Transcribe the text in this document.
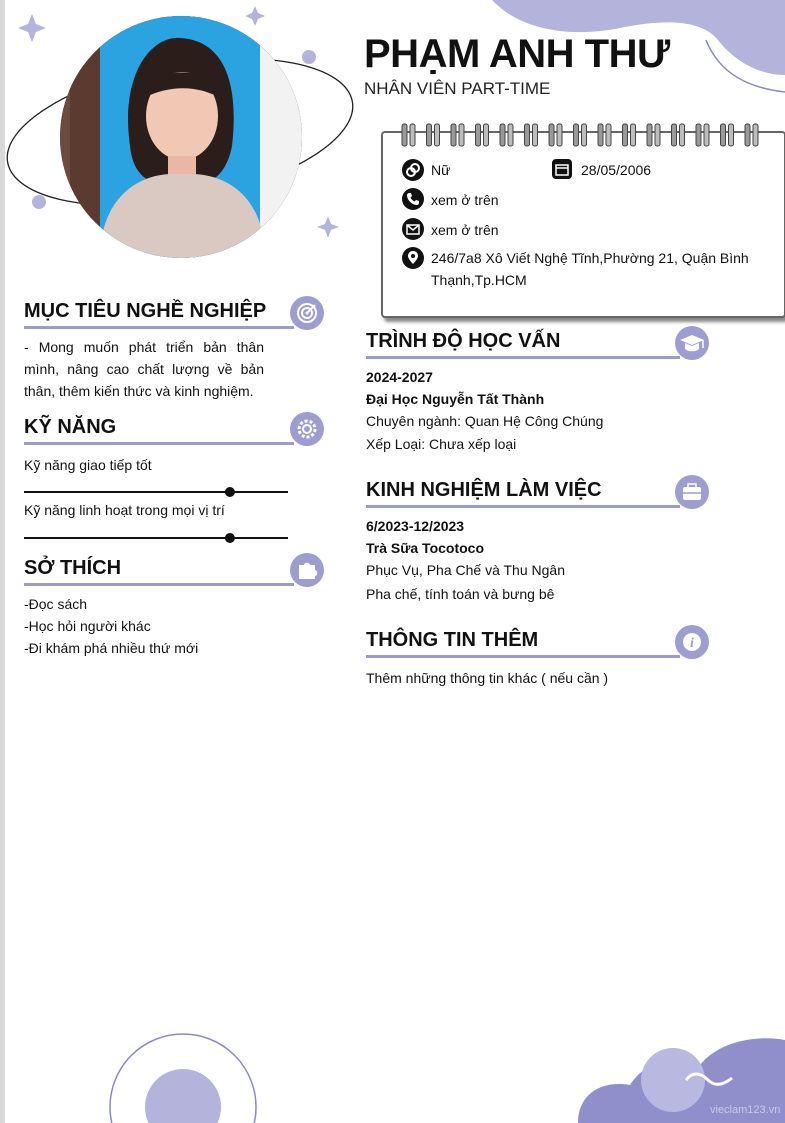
PHẠM ANH THƯ
NHÂN VIÊN PART-TIME
Nữ	28/05/2006
xem ở trên
xem ở trên
246/7a8 Xô Viết Nghệ Tĩnh,Phường 21, Quận Bình
Thạnh,Tp.HCM
MỤC TIÊU NGHỀ NGHIỆP
- Mong muốn phát triển bản thân
mình, nâng cao chất lượng về bản
thân, thêm kiến thức và kinh nghiệm.
KỸ NĂNG
Kỹ năng giao tiếp tốt
Kỹ năng linh hoạt trong mọi vị trí
SỞ THÍCH
-Đọc sách
-Học hỏi người khác
-Đi khám phá nhiều thứ mới
TRÌNH ĐỘ HỌC VẤN
2024-2027
Đại Học Nguyễn Tất Thành
Chuyên ngành: Quan Hệ Công Chúng
Xếp Loại: Chưa xếp loại
KINH NGHIỆM LÀM VIỆC
6/2023-12/2023
Trà Sữa Tocotoco
Phục Vụ, Pha Chế và Thu Ngân
Pha chế, tính toán và bưng bê
THÔNG TIN THÊM	i
Thêm những thông tin khác ( nếu cần )
vieclam123.vn
